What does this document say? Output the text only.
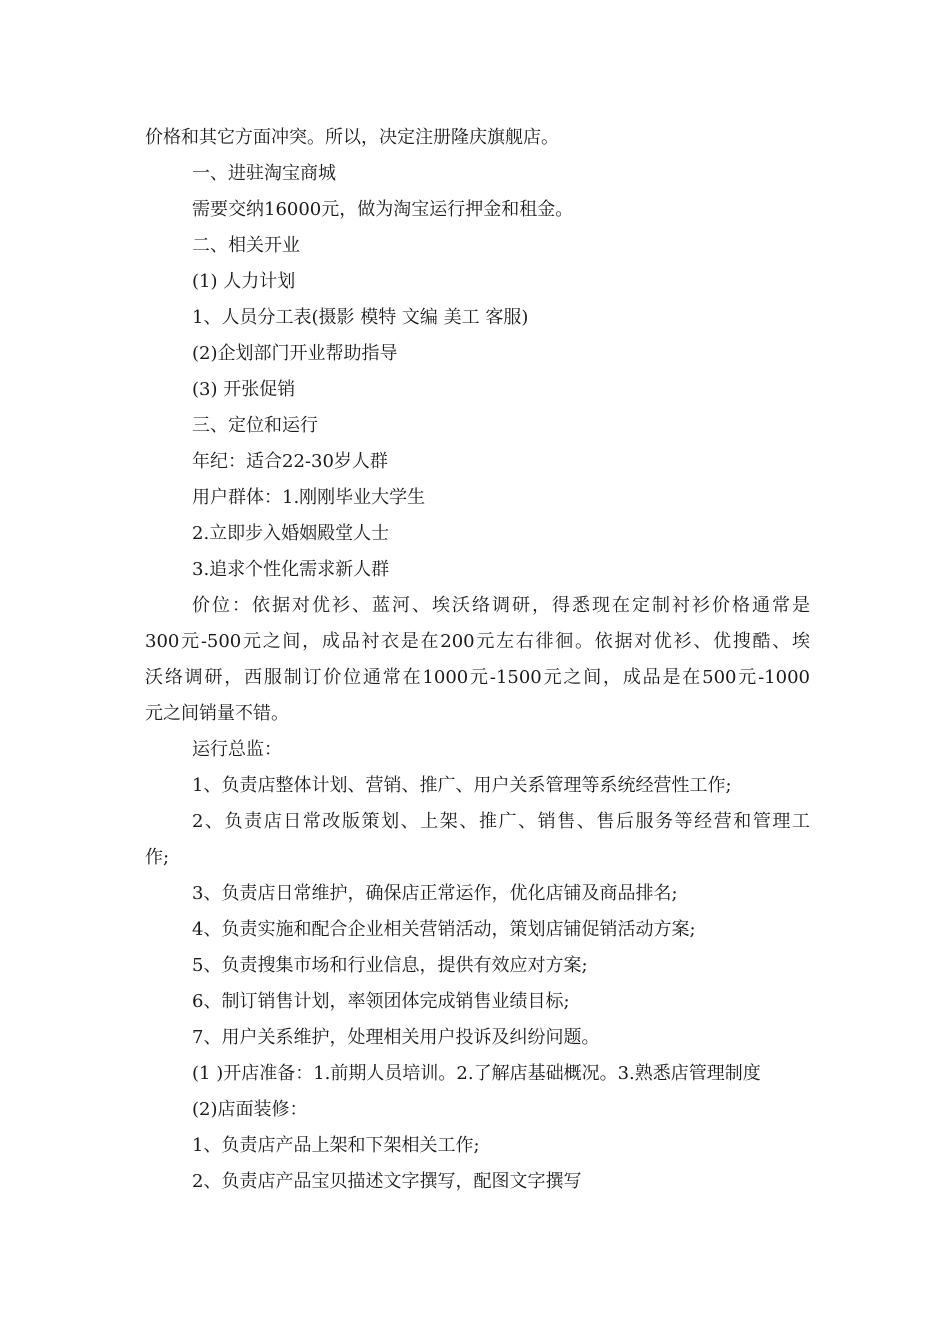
价格和其它方面冲突。所以，决定注册隆庆旗舰店。
一、进驻淘宝商城
需要交纳16000元，做为淘宝运行押金和租金。
二、相关开业
(1) 人力计划
1、人员分工表(摄影 模特 文编 美工 客服)
(2)企划部门开业帮助指导
(3) 开张促销
三、定位和运行
年纪：适合22-30岁人群
用户群体：1.刚刚毕业大学生
2.立即步入婚姻殿堂人士
3.追求个性化需求新人群
价位：依据对优衫、蓝河、埃沃络调研，得悉现在定制衬衫价格通常是
300元-500元之间，成品衬衣是在200元左右徘徊。依据对优衫、优搜酷、埃
沃络调研，西服制订价位通常在1000元-1500元之间，成品是在500元-1000
元之间销量不错。
运行总监：
1、负责店整体计划、营销、推广、用户关系管理等系统经营性工作;
2、负责店日常改版策划、上架、推广、销售、售后服务等经营和管理工
作;
3、负责店日常维护，确保店正常运作，优化店铺及商品排名;
4、负责实施和配合企业相关营销活动，策划店铺促销活动方案;
5、负责搜集市场和行业信息，提供有效应对方案;
6、制订销售计划，率领团体完成销售业绩目标;
7、用户关系维护，处理相关用户投诉及纠纷问题。
(1 )开店准备：1.前期人员培训。2.了解店基础概况。3.熟悉店管理制度
(2)店面装修：
1、负责店产品上架和下架相关工作;
2、负责店产品宝贝描述文字撰写，配图文字撰写
